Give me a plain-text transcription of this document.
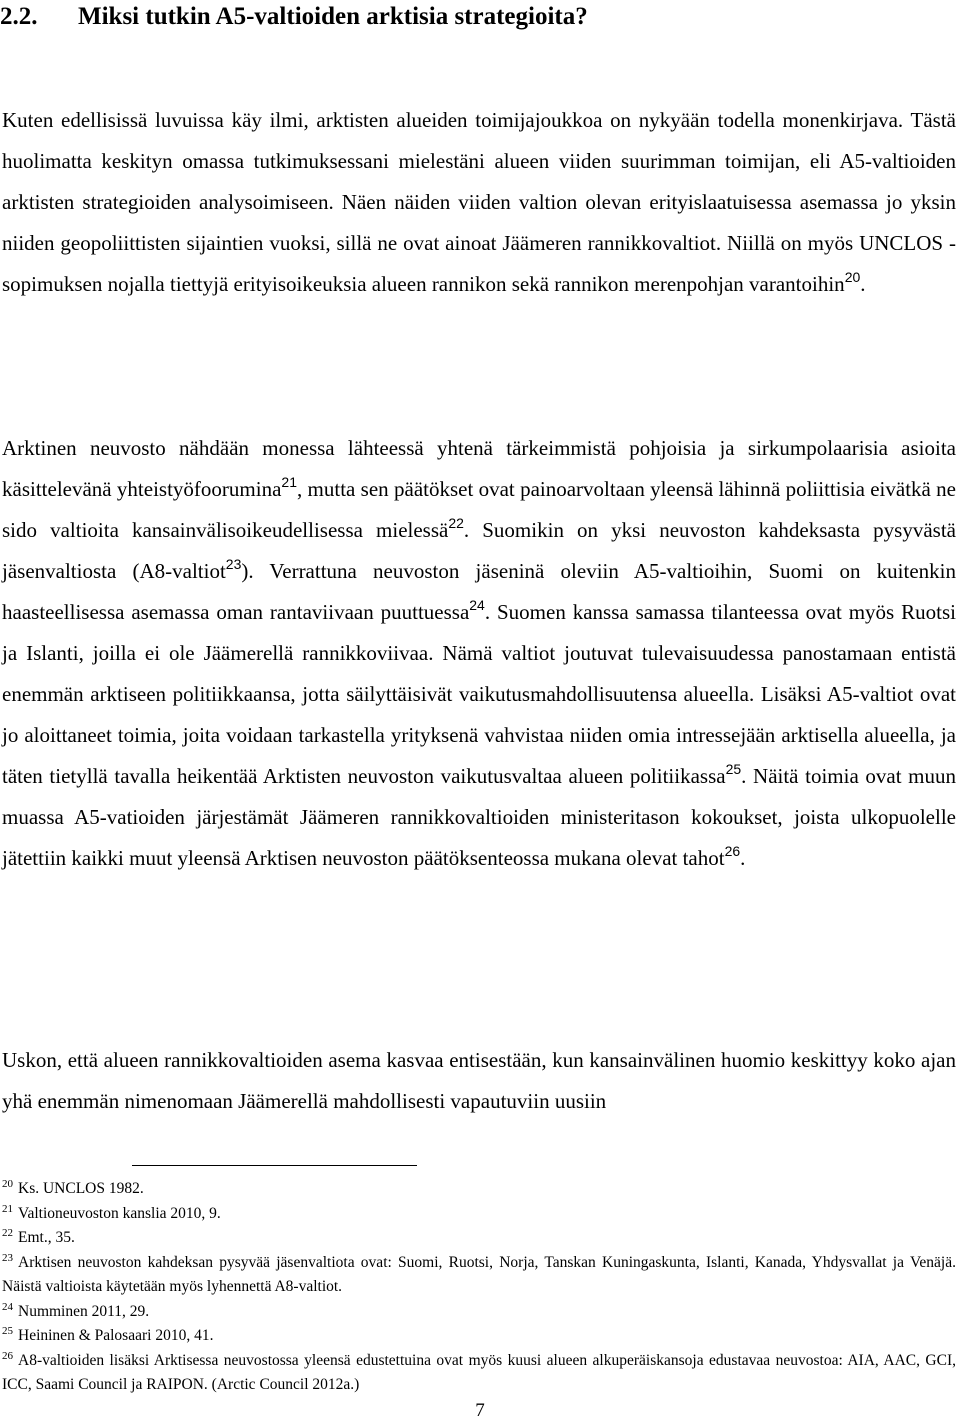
2.2. Miksi tutkin A5-valtioiden arktisia strategioita?

Kuten edellisissä luvuissa käy ilmi, arktisten alueiden toimijajoukkoa on nykyään todella monenkirjava. Tästä huolimatta keskityn omassa tutkimuksessani mielestäni alueen viiden suurimman toimijan, eli A5-valtioiden arktisten strategioiden analysoimiseen. Näen näiden viiden valtion olevan erityislaatuisessa asemassa jo yksin niiden geopoliittisten sijaintien vuoksi, sillä ne ovat ainoat Jäämeren rannikkovaltiot. Niillä on myös UNCLOS -sopimuksen nojalla tiettyjä erityisoikeuksia alueen rannikon sekä rannikon merenpohjan varantoihin$^{20}$.

Arktinen neuvosto nähdään monessa lähteessä yhtenä tärkeimmistä pohjoisia ja sirkumpolaarisia asioita käsittelevänä yhteistyöfoorumina$^{21}$, mutta sen päätökset ovat painoarvoltaan yleensä lähinnä poliittisia eivätkä ne sido valtioita kansainvälisoikeudellisessa mielessä$^{22}$. Suomikin on yksi neuvoston kahdeksasta pysyvästä jäsenvaltiosta (A8-valtiot$^{23}$). Verrattuna neuvoston jäseninä oleviin A5-valtioihin, Suomi on kuitenkin haasteellisessa asemassa oman rantaviivaan puuttuessa$^{24}$. Suomen kanssa samassa tilanteessa ovat myös Ruotsi ja Islanti, joilla ei ole Jäämerellä rannikkoviivaa. Nämä valtiot joutuvat tulevaisuudessa panostamaan entistä enemmän arktiseen politiikkaansa, jotta säilyttäisivät vaikutusmahdollisuutensa alueella. Lisäksi A5-valtiot ovat jo aloittaneet toimia, joita voidaan tarkastella yrityksenä vahvistaa niiden omia intressejään arktisella alueella, ja täten tietyllä tavalla heikentää Arktisten neuvoston vaikutusvaltaa alueen politiikassa$^{25}$. Näitä toimia ovat muun muassa A5-vatioiden järjestämät Jäämeren rannikkovaltioiden ministeritason kokoukset, joista ulkopuolelle jätettiin kaikki muut yleensä Arktisen neuvoston päätöksenteossa mukana olevat tahot$^{26}$.

Uskon, että alueen rannikkovaltioiden asema kasvaa entisestään, kun kansainvälinen huomio keskittyy koko ajan yhä enemmän nimenomaan Jäämerellä mahdollisesti vapautuviin uusiin

$^{20}$ Ks. UNCLOS 1982.
$^{21}$ Valtioneuvoston kanslia 2010, 9.
$^{22}$ Emt., 35.
$^{23}$ Arktisen neuvoston kahdeksan pysyvää jäsenvaltiota ovat: Suomi, Ruotsi, Norja, Tanskan Kuningaskunta, Islanti, Kanada, Yhdysvallat ja Venäjä. Näistä valtioista käytetään myös lyhennettä A8-valtiot.
$^{24}$ Numminen 2011, 29.
$^{25}$ Heininen & Palosaari 2010, 41.
$^{26}$ A8-valtioiden lisäksi Arktisessa neuvostossa yleensä edustettuina ovat myös kuusi alueen alkuperäiskansoja edustavaa neuvostoa: AIA, AAC, GCI, ICC, Saami Council ja RAIPON. (Arctic Council 2012a.)
7
